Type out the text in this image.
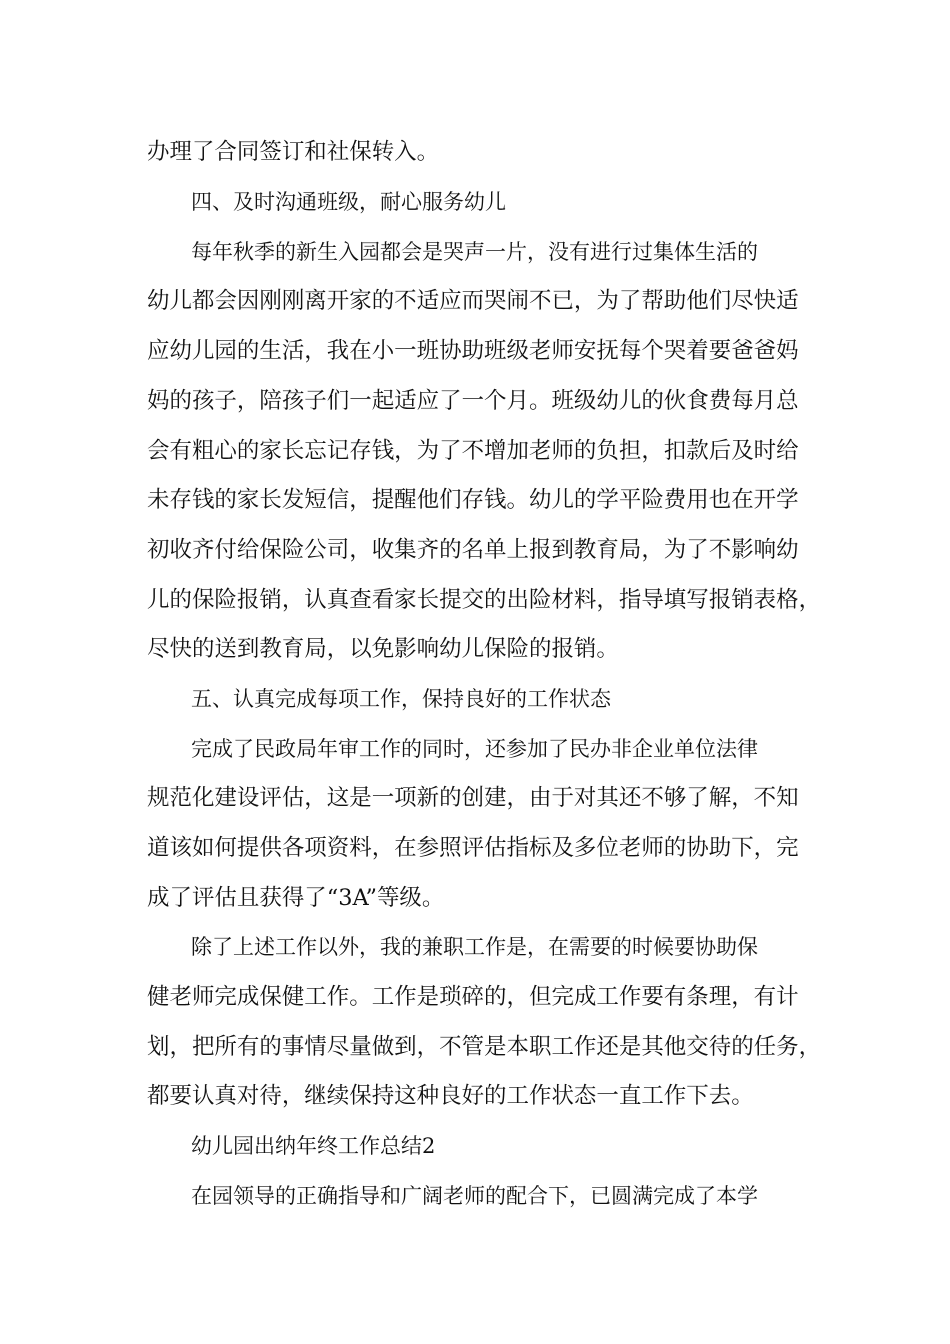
办理了合同签订和社保转入。
四、及时沟通班级，耐心服务幼儿
每年秋季的新生入园都会是哭声一片，没有进行过集体生活的
幼儿都会因刚刚离开家的不适应而哭闹不已，为了帮助他们尽快适
应幼儿园的生活，我在小一班协助班级老师安抚每个哭着要爸爸妈
妈的孩子，陪孩子们一起适应了一个月。班级幼儿的伙食费每月总
会有粗心的家长忘记存钱，为了不增加老师的负担，扣款后及时给
未存钱的家长发短信，提醒他们存钱。幼儿的学平险费用也在开学
初收齐付给保险公司，收集齐的名单上报到教育局，为了不影响幼
儿的保险报销，认真查看家长提交的出险材料，指导填写报销表格，
尽快的送到教育局，以免影响幼儿保险的报销。
五、认真完成每项工作，保持良好的工作状态
完成了民政局年审工作的同时，还参加了民办非企业单位法律
规范化建设评估，这是一项新的创建，由于对其还不够了解，不知
道该如何提供各项资料，在参照评估指标及多位老师的协助下，完
成了评估且获得了“3A”等级。
除了上述工作以外，我的兼职工作是，在需要的时候要协助保
健老师完成保健工作。工作是琐碎的，但完成工作要有条理，有计
划，把所有的事情尽量做到，不管是本职工作还是其他交待的任务，
都要认真对待，继续保持这种良好的工作状态一直工作下去。
幼儿园出纳年终工作总结2
在园领导的正确指导和广阔老师的配合下，已圆满完成了本学
